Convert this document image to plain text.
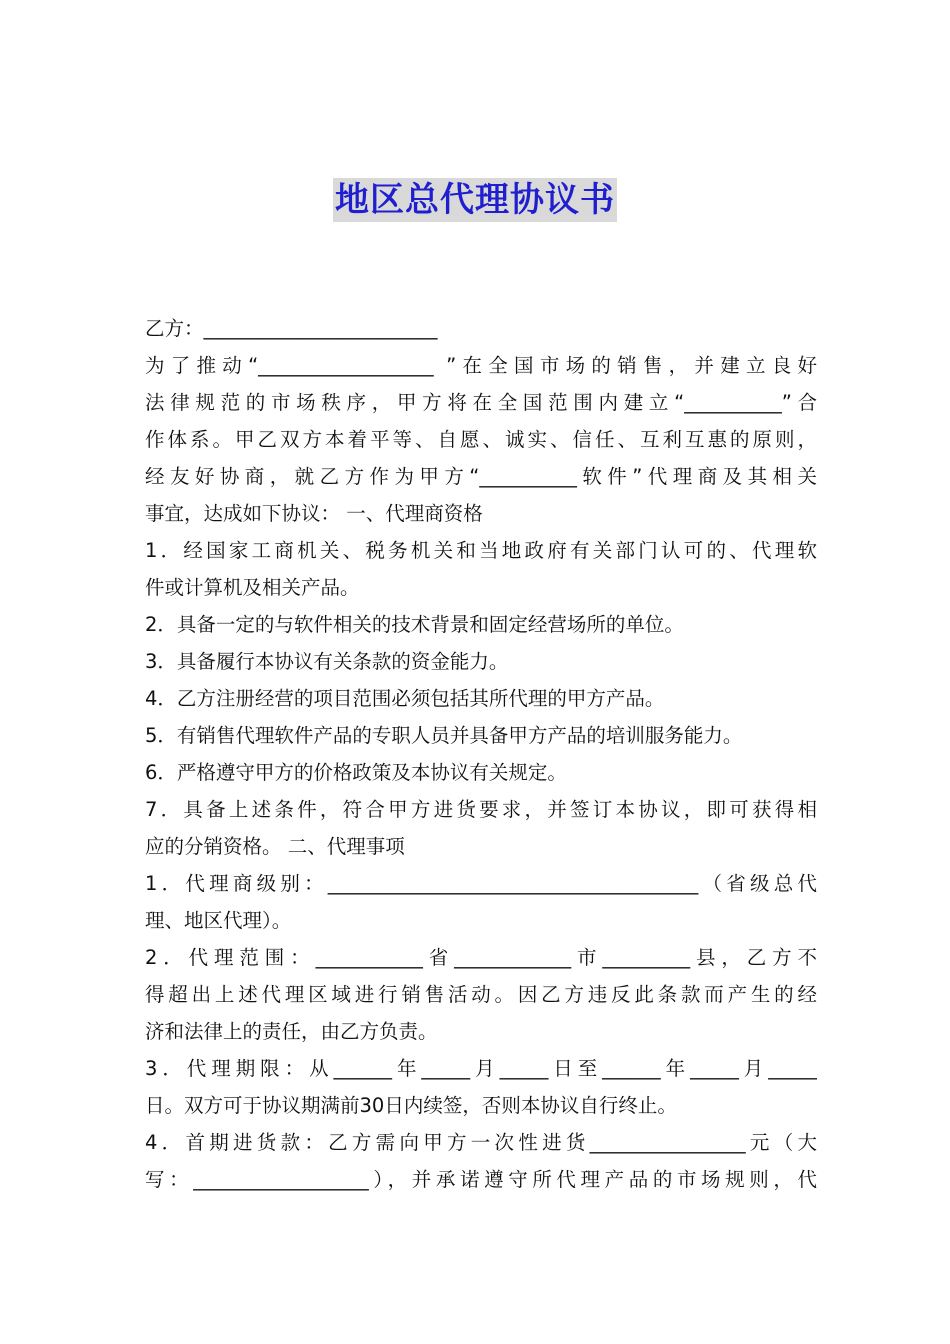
地区总代理协议书
乙方：________________________
为了推动“__________________ ”在全国市场的销售，并建立良好
法律规范的市场秩序，甲方将在全国范围内建立“__________”合
作体系。甲乙双方本着平等、自愿、诚实、信任、互利互惠的原则，
经友好协商，就乙方作为甲方“__________软件”代理商及其相关
事宜，达成如下协议： 一、代理商资格
1．经国家工商机关、税务机关和当地政府有关部门认可的、代理软
件或计算机及相关产品。
2．具备一定的与软件相关的技术背景和固定经营场所的单位。
3．具备履行本协议有关条款的资金能力。
4．乙方注册经营的项目范围必须包括其所代理的甲方产品。
5．有销售代理软件产品的专职人员并具备甲方产品的培训服务能力。
6．严格遵守甲方的价格政策及本协议有关规定。
7．具备上述条件，符合甲方进货要求，并签订本协议，即可获得相
应的分销资格。 二、代理事项
1．代理商级别：______________________________________（省级总代
理、地区代理）。
2．代理范围：___________省____________市_________县，乙方不
得超出上述代理区域进行销售活动。因乙方违反此条款而产生的经
济和法律上的责任，由乙方负责。
3．代理期限：从______年_____月_____日至______年_____月_____
日。双方可于协议期满前30日内续签，否则本协议自行终止。
4．首期进货款：乙方需向甲方一次性进货________________元（大
写：__________________），并承诺遵守所代理产品的市场规则，代
